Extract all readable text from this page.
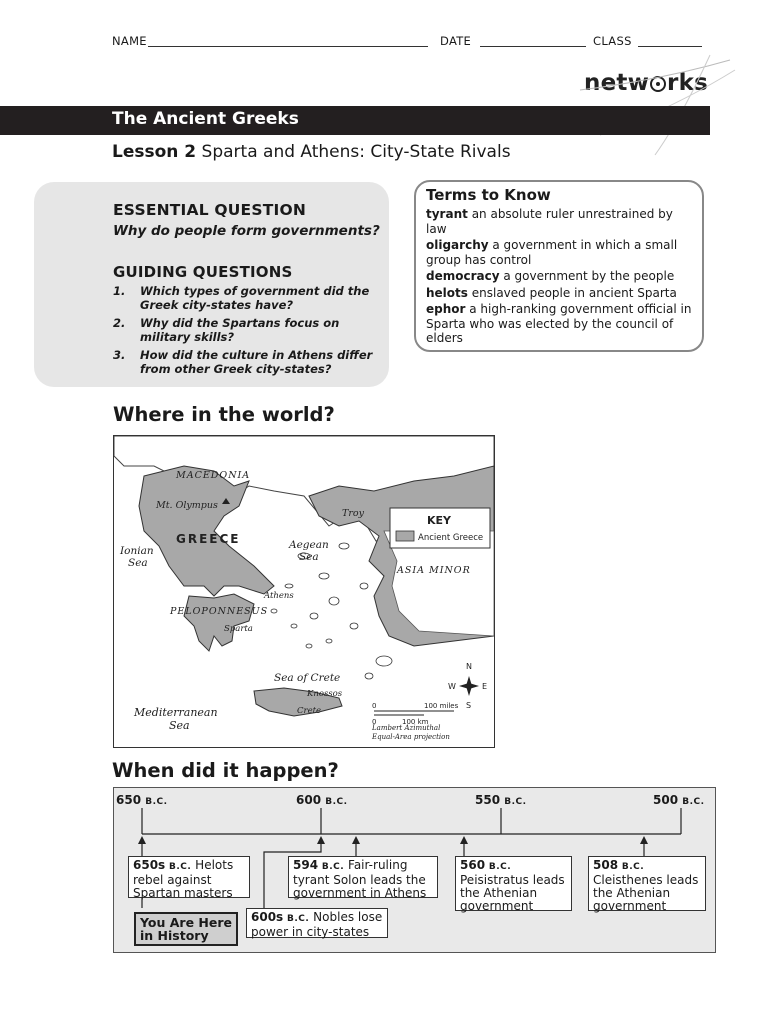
NAME	DATE	CLASS
netw rks
The Ancient Greeks
Lesson 2 Sparta and Athens: City-State Rivals
ESSENTIAL QUESTION
Why do people form governments?
GUIDING QUESTIONS
1. Which types of government did the Greek city-states have?
2. Why did the Spartans focus on military skills?
3. How did the culture in Athens differ from other Greek city-states?
Terms to Know
tyrant an absolute ruler unrestrained by law
oligarchy a government in which a small group has control
democracy a government by the people
helots enslaved people in ancient Sparta
ephor a high-ranking government official in Sparta who was elected by the council of elders
Where in the world?
MACEDONIA
Mt. Olympus
Troy
Aegean
Sea
Ionian
Sea
Athens
PELOPONNESUS
Sparta
ASIA MINOR
Sea of Crete
Knossos
Crete
Mediterranean
Sea	Lambert Azimuthal
Equal-Area projection
GREECE
0	100 miles
0	100 km
N
S
E
W
KEY
Ancient Greece
When did it happen?
650 B.C.	600 B.C.	550 B.C.	500 B.C.
650s B.C. Helots rebel against Spartan masters
600s B.C. Nobles lose power in city-states
594 B.C. Fair-ruling tyrant Solon leads the government in Athens
560 B.C. Peisistratus leads the Athenian government
508 B.C. Cleisthenes leads the Athenian government
You Are Here in History
